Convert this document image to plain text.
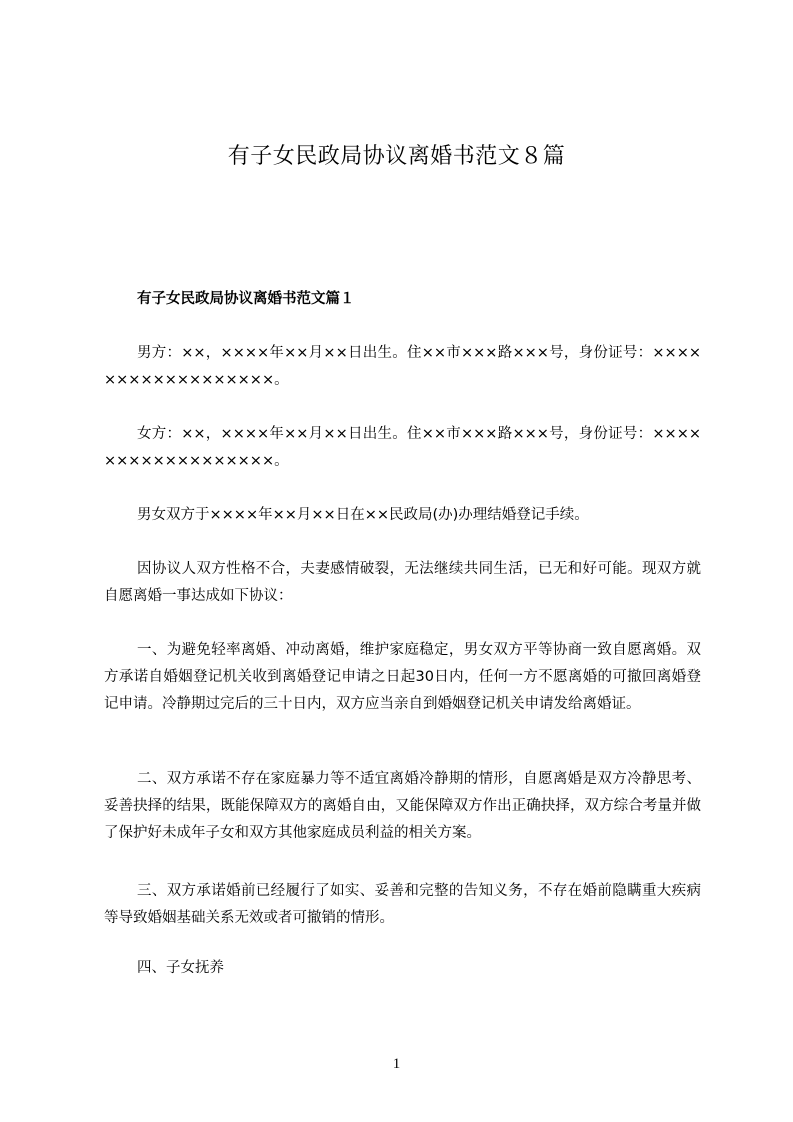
有子女民政局协议离婚书范文８篇
有子女民政局协议离婚书范文篇１

男方：××，××××年××月××日出生。住××市×××路×××号，身份证号：××××××××××××××××××。

女方：××，××××年××月××日出生。住××市×××路×××号，身份证号：××××××××××××××××××。

男女双方于××××年××月××日在××民政局(办)办理结婚登记手续。

因协议人双方性格不合，夫妻感情破裂，无法继续共同生活，已无和好可能。现双方就自愿离婚一事达成如下协议：

一、为避免轻率离婚、冲动离婚，维护家庭稳定，男女双方平等协商一致自愿离婚。双方承诺自婚姻登记机关收到离婚登记申请之日起30日内，任何一方不愿离婚的可撤回离婚登记申请。冷静期过完后的三十日内，双方应当亲自到婚姻登记机关申请发给离婚证。

二、双方承诺不存在家庭暴力等不适宜离婚冷静期的情形，自愿离婚是双方冷静思考、妥善抉择的结果，既能保障双方的离婚自由，又能保障双方作出正确抉择，双方综合考量并做了保护好未成年子女和双方其他家庭成员利益的相关方案。

三、双方承诺婚前已经履行了如实、妥善和完整的告知义务，不存在婚前隐瞒重大疾病等导致婚姻基础关系无效或者可撤销的情形。

四、子女抚养

1
